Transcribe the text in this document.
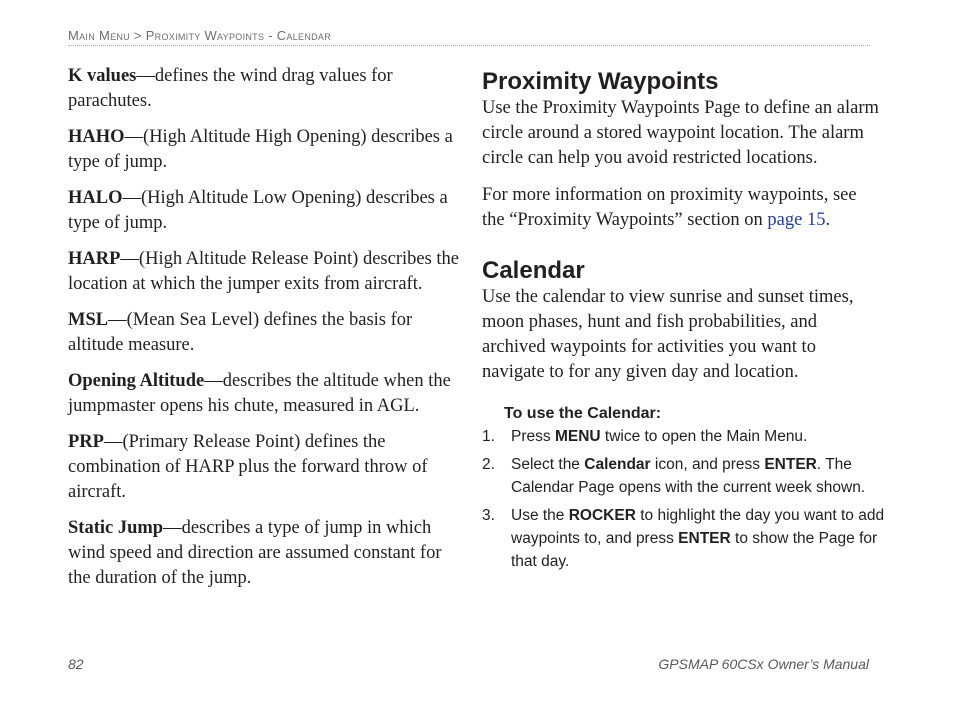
Main Menu > Proximity Waypoints - Calendar

K values—defines the wind drag values for parachutes.

HAHO—(High Altitude High Opening) describes a type of jump.

HALO—(High Altitude Low Opening) describes a type of jump.

HARP—(High Altitude Release Point) describes the location at which the jumper exits from aircraft.

MSL—(Mean Sea Level) defines the basis for altitude measure.

Opening Altitude—describes the altitude when the jumpmaster opens his chute, measured in AGL.

PRP—(Primary Release Point) defines the combination of HARP plus the forward throw of aircraft.

Static Jump—describes a type of jump in which wind speed and direction are assumed constant for the duration of the jump.

Proximity Waypoints

Use the Proximity Waypoints Page to define an alarm circle around a stored waypoint location. The alarm circle can help you avoid restricted locations.

For more information on proximity waypoints, see the “Proximity Waypoints” section on page 15.

Calendar

Use the calendar to view sunrise and sunset times, moon phases, hunt and fish probabilities, and archived waypoints for activities you want to navigate to for any given day and location.

To use the Calendar:
1. Press MENU twice to open the Main Menu.
2. Select the Calendar icon, and press ENTER. The Calendar Page opens with the current week shown.
3. Use the ROCKER to highlight the day you want to add waypoints to, and press ENTER to show the Page for that day.
82	GPSMAP 60CSx Owner’s Manual
